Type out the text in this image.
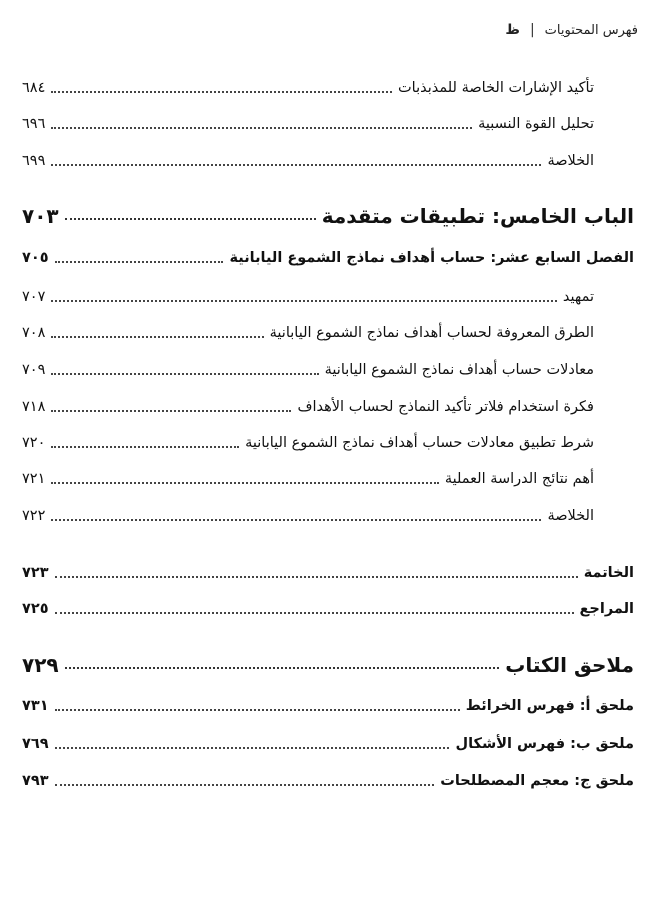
فهرس المحتويات
|
ظ
تأكيد الإشارات الخاصة للمذبذبات
٦٨٤
تحليل القوة النسبية
٦٩٦
الخلاصة
٦٩٩
الباب الخامس: تطبيقات متقدمة
٧٠٣
الفصل السابع عشر: حساب أهداف نماذج الشموع اليابانية
٧٠٥
تمهيد
٧٠٧
الطرق المعروفة لحساب أهداف نماذج الشموع اليابانية
٧٠٨
معادلات حساب أهداف نماذج الشموع اليابانية
٧٠٩
فكرة استخدام فلاتر تأكيد النماذج لحساب الأهداف
٧١٨
شرط تطبيق معادلات حساب أهداف نماذج الشموع اليابانية
٧٢٠
أهم نتائج الدراسة العملية
٧٢١
الخلاصة
٧٢٢
الخاتمة
٧٢٣
المراجع
٧٢٥
ملاحق الكتاب
٧٢٩
ملحق أ: فهرس الخرائط
٧٣١
ملحق ب: فهرس الأشكال
٧٦٩
ملحق ج: معجم المصطلحات
٧٩٣
